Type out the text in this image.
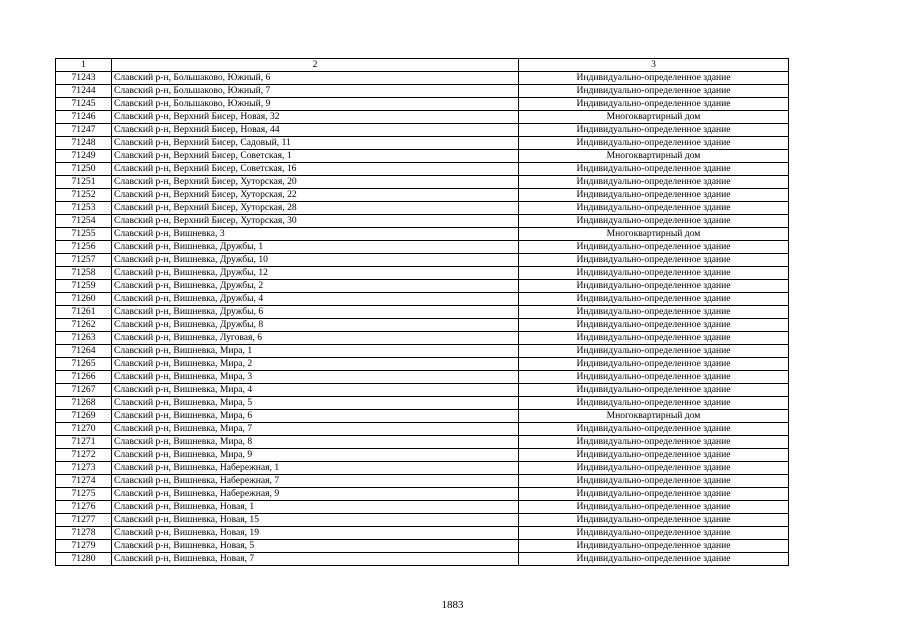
1	2	3
71243	Славский р-н, Большаково, Южный, 6	Индивидуально-определенное здание
71244	Славский р-н, Большаково, Южный, 7	Индивидуально-определенное здание
71245	Славский р-н, Большаково, Южный, 9	Индивидуально-определенное здание
71246	Славский р-н, Верхний Бисер, Новая, 32	Многоквартирный дом
71247	Славский р-н, Верхний Бисер, Новая, 44	Индивидуально-определенное здание
71248	Славский р-н, Верхний Бисер, Садовый, 11	Индивидуально-определенное здание
71249	Славский р-н, Верхний Бисер, Советская, 1	Многоквартирный дом
71250	Славский р-н, Верхний Бисер, Советская, 16	Индивидуально-определенное здание
71251	Славский р-н, Верхний Бисер, Хуторская, 20	Индивидуально-определенное здание
71252	Славский р-н, Верхний Бисер, Хуторская, 22	Индивидуально-определенное здание
71253	Славский р-н, Верхний Бисер, Хуторская, 28	Индивидуально-определенное здание
71254	Славский р-н, Верхний Бисер, Хуторская, 30	Индивидуально-определенное здание
71255	Славский р-н, Вишневка, 3	Многоквартирный дом
71256	Славский р-н, Вишневка, Дружбы, 1	Индивидуально-определенное здание
71257	Славский р-н, Вишневка, Дружбы, 10	Индивидуально-определенное здание
71258	Славский р-н, Вишневка, Дружбы, 12	Индивидуально-определенное здание
71259	Славский р-н, Вишневка, Дружбы, 2	Индивидуально-определенное здание
71260	Славский р-н, Вишневка, Дружбы, 4	Индивидуально-определенное здание
71261	Славский р-н, Вишневка, Дружбы, 6	Индивидуально-определенное здание
71262	Славский р-н, Вишневка, Дружбы, 8	Индивидуально-определенное здание
71263	Славский р-н, Вишневка, Луговая, 6	Индивидуально-определенное здание
71264	Славский р-н, Вишневка, Мира, 1	Индивидуально-определенное здание
71265	Славский р-н, Вишневка, Мира, 2	Индивидуально-определенное здание
71266	Славский р-н, Вишневка, Мира, 3	Индивидуально-определенное здание
71267	Славский р-н, Вишневка, Мира, 4	Индивидуально-определенное здание
71268	Славский р-н, Вишневка, Мира, 5	Индивидуально-определенное здание
71269	Славский р-н, Вишневка, Мира, 6	Многоквартирный дом
71270	Славский р-н, Вишневка, Мира, 7	Индивидуально-определенное здание
71271	Славский р-н, Вишневка, Мира, 8	Индивидуально-определенное здание
71272	Славский р-н, Вишневка, Мира, 9	Индивидуально-определенное здание
71273	Славский р-н, Вишневка, Набережная, 1	Индивидуально-определенное здание
71274	Славский р-н, Вишневка, Набережная, 7	Индивидуально-определенное здание
71275	Славский р-н, Вишневка, Набережная, 9	Индивидуально-определенное здание
71276	Славский р-н, Вишневка, Новая, 1	Индивидуально-определенное здание
71277	Славский р-н, Вишневка, Новая, 15	Индивидуально-определенное здание
71278	Славский р-н, Вишневка, Новая, 19	Индивидуально-определенное здание
71279	Славский р-н, Вишневка, Новая, 5	Индивидуально-определенное здание
71280	Славский р-н, Вишневка, Новая, 7	Индивидуально-определенное здание
1883
